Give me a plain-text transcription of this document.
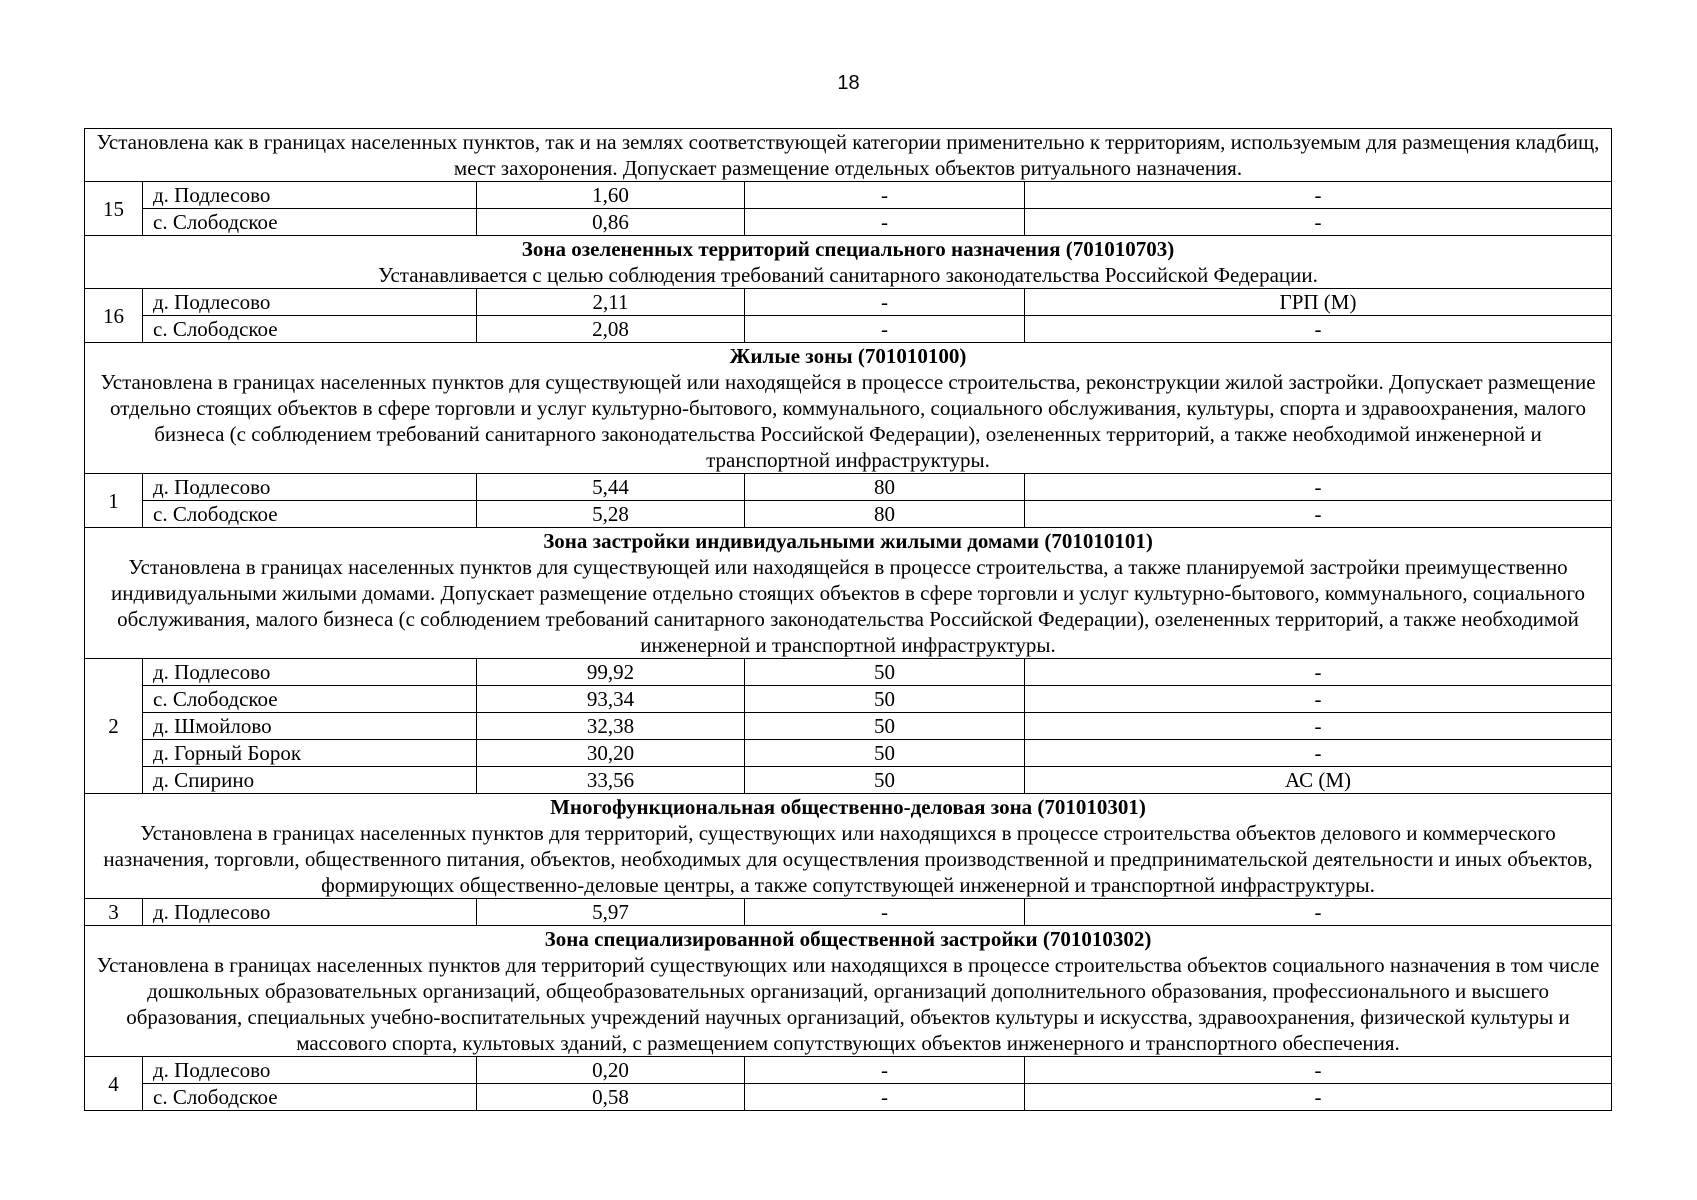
18
Установлена как в границах населенных пунктов, так и на землях соответствующей категории применительно к территориям, используемым для размещения кладбищ, мест захоронения. Допускает размещение отдельных объектов ритуального назначения.				

15	д. Подлесово	1,60	-	-
	с. Слободское	0,86	-	-

Зона озелененных территорий специального назначения (701010703)
Устанавливается с целью соблюдения требований санитарного законодательства Российской Федерации.				

16	д. Подлесово	2,11	-	ГРП (М)
	с. Слободское	2,08	-	-

Жилые зоны (701010100)
Установлена в границах населенных пунктов для существующей или находящейся в процессе строительства, реконструкции жилой застройки. Допускает размещение отдельно стоящих объектов в сфере торговли и услуг культурно-бытового, коммунального, социального обслуживания, культуры, спорта и здравоохранения, малого бизнеса (с соблюдением требований санитарного законодательства Российской Федерации), озелененных территорий, а также необходимой инженерной и транспортной инфраструктуры.				

1	д. Подлесово	5,44	80	-
	с. Слободское	5,28	80	-

Зона застройки индивидуальными жилыми домами (701010101)
Установлена в границах населенных пунктов для существующей или находящейся в процессе строительства, а также планируемой застройки преимущественно индивидуальными жилыми домами. Допускает размещение отдельно стоящих объектов в сфере торговли и услуг культурно-бытового, коммунального, социального обслуживания, малого бизнеса (с соблюдением требований санитарного законодательства Российской Федерации), озелененных территорий, а также необходимой инженерной и транспортной инфраструктуры.				

2	д. Подлесово	99,92	50	-
	с. Слободское	93,34	50	-
	д. Шмойлово	32,38	50	-
	д. Горный Борок	30,20	50	-
	д. Спирино	33,56	50	АС (М)

Многофункциональная общественно-деловая зона (701010301)
Установлена в границах населенных пунктов для территорий, существующих или находящихся в процессе строительства объектов делового и коммерческого назначения, торговли, общественного питания, объектов, необходимых для осуществления производственной и предпринимательской деятельности и иных объектов, формирующих общественно-деловые центры, а также сопутствующей инженерной и транспортной инфраструктуры.				

3	д. Подлесово	5,97	-	-

Зона специализированной общественной застройки (701010302)
Установлена в границах населенных пунктов для территорий существующих или находящихся в процессе строительства объектов социального назначения в том числе дошкольных образовательных организаций, общеобразовательных организаций, организаций дополнительного образования, профессионального и высшего образования, специальных учебно-воспитательных учреждений научных организаций, объектов культуры и искусства, здравоохранения, физической культуры и массового спорта, культовых зданий, с размещением сопутствующих объектов инженерного и транспортного обеспечения.				

4	д. Подлесово	0,20	-	-
	с. Слободское	0,58	-	-
